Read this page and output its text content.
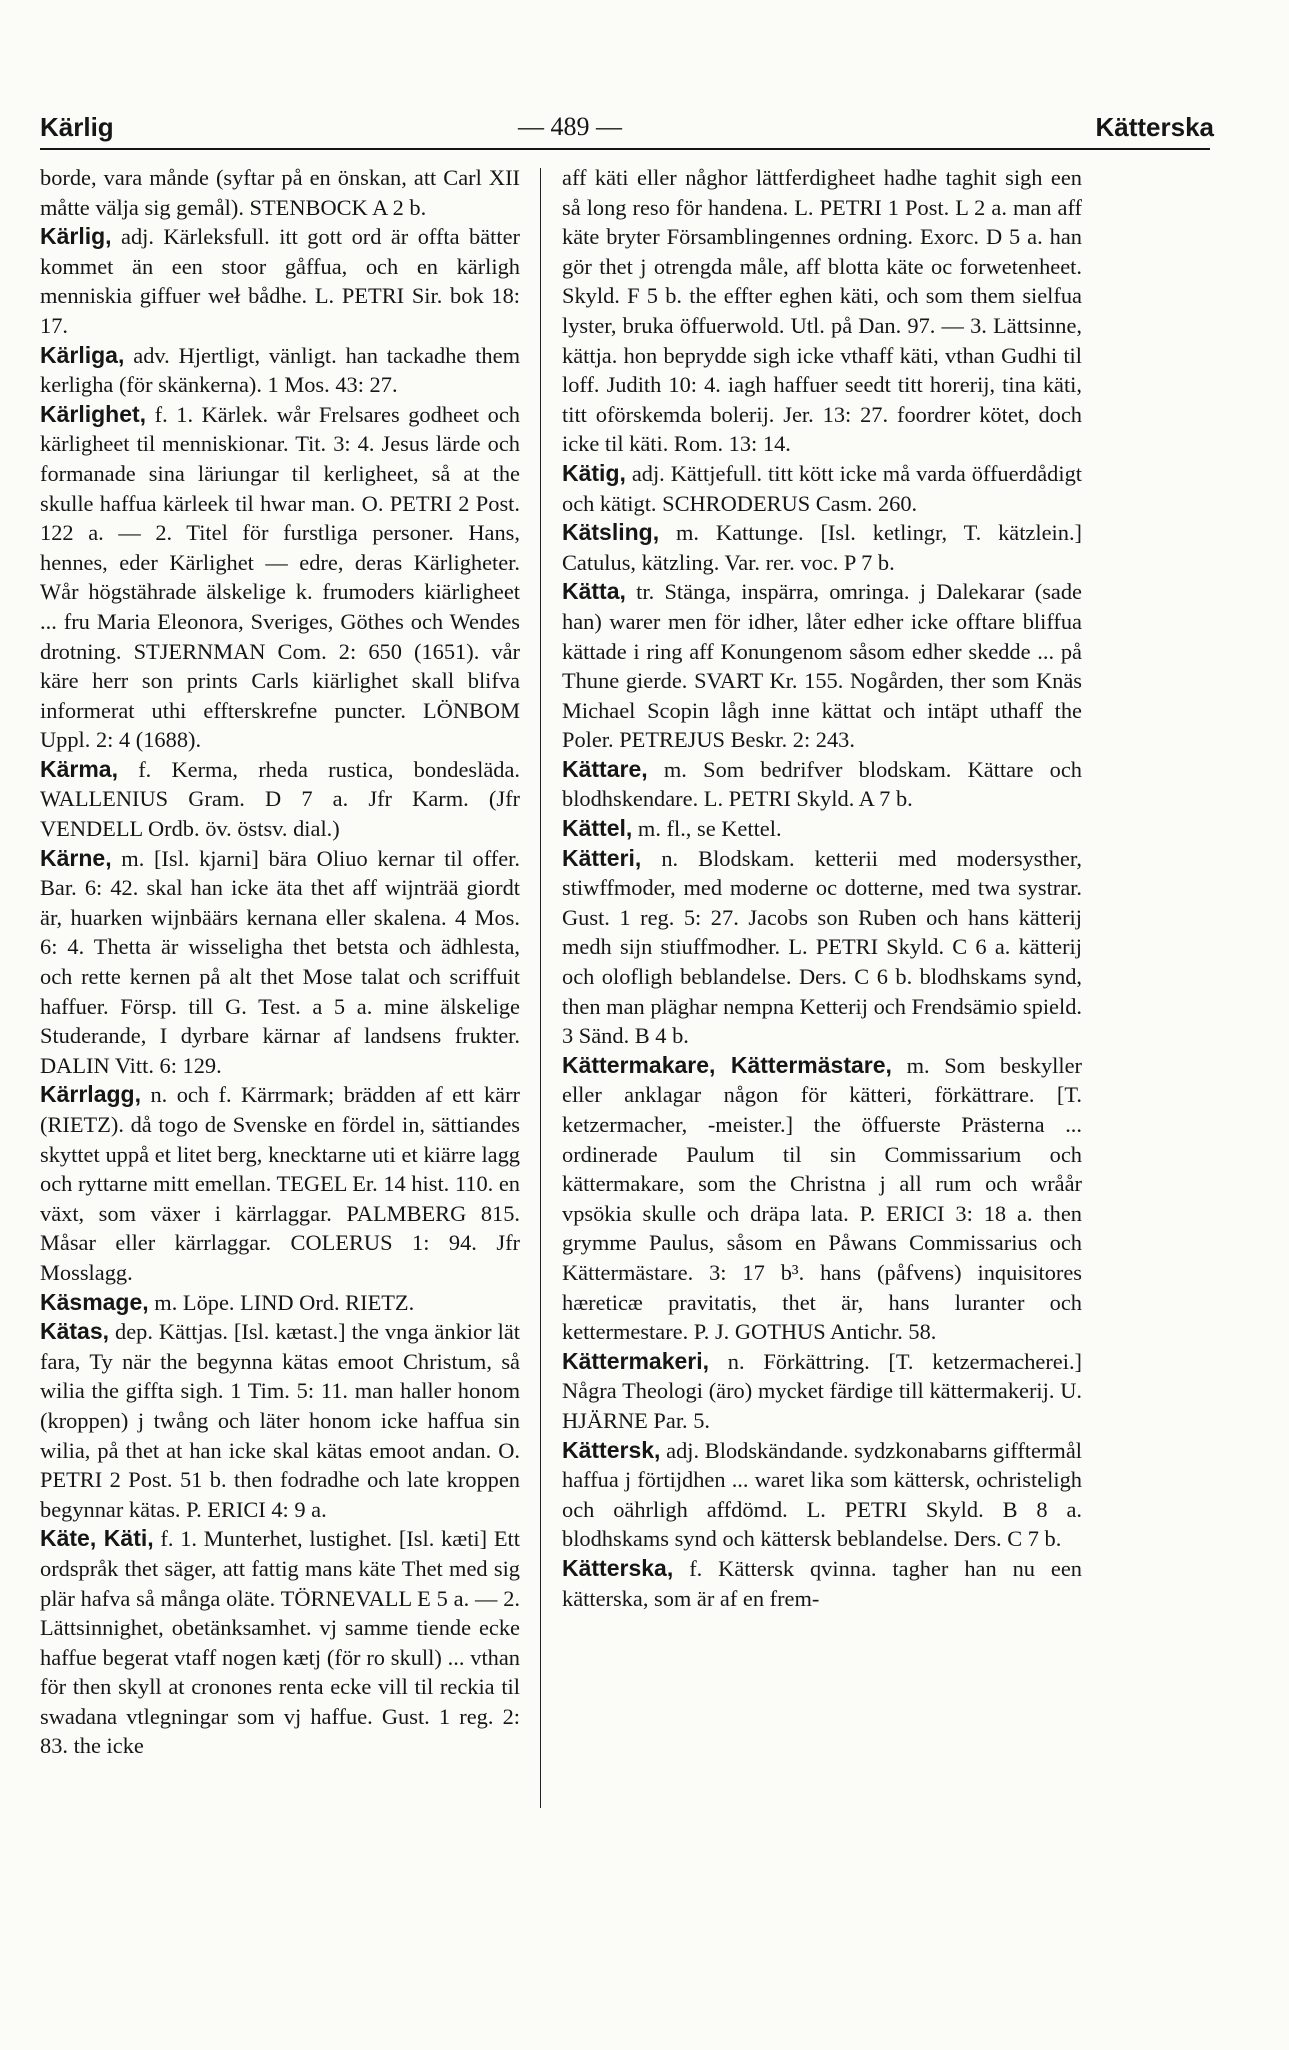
Kärlig	— 489 —	Kätterska

borde, vara månde (syftar på en önskan, att Carl XII måtte välja sig gemål). STENBOCK A 2 b.

Kärlig, adj. Kärleksfull. itt gott ord är offta bätter kommet än een stoor gåffua, och en kärligh menniskia giffuer weł bådhe. L. PETRI Sir. bok 18: 17.

Kärliga, adv. Hjertligt, vänligt. han tackadhe them kerligha (för skänkerna). 1 Mos. 43: 27.

Kärlighet, f. 1. Kärlek. wår Frelsares godheet och kärligheet til menniskionar. Tit. 3: 4. Jesus lärde och formanade sina läriungar til kerligheet, så at the skulle haffua kärleek til hwar man. O. PETRI 2 Post. 122 a. — 2. Titel för furstliga personer. Hans, hennes, eder Kärlighet — edre, deras Kärligheter. Wår högstährade älskelige k. frumoders kiärligheet ... fru Maria Eleonora, Sveriges, Göthes och Wendes drotning. STJERNMAN Com. 2: 650 (1651). vår käre herr son prints Carls kiärlighet skall blifva informerat uthi effterskrefne puncter. LÖNBOM Uppl. 2: 4 (1688).

Kärma, f. Kerma, rheda rustica, bondesläda. WALLENIUS Gram. D 7 a. Jfr Karm. (Jfr VENDELL Ordb. öv. östsv. dial.)

Kärne, m. [Isl. kjarni] bära Oliuo kernar til offer. Bar. 6: 42. skal han icke äta thet aff wijnträä giordt är, huarken wijnbäärs kernana eller skalena. 4 Mos. 6: 4. Thetta är wisseligha thet betsta och ädhlesta, och rette kernen på alt thet Mose talat och scriffuit haffuer. Försp. till G. Test. a 5 a. mine älskelige Studerande, I dyrbare kärnar af landsens frukter. DALIN Vitt. 6: 129.

Kärrlagg, n. och f. Kärrmark; brädden af ett kärr (RIETZ). då togo de Svenske en fördel in, sättiandes skyttet uppå et litet berg, knecktarne uti et kiärre lagg och ryttarne mitt emellan. TEGEL Er. 14 hist. 110. en växt, som växer i kärrlaggar. PALMBERG 815. Måsar eller kärrlaggar. COLERUS 1: 94. Jfr Mosslagg.

Käsmage, m. Löpe. LIND Ord. RIETZ.

Kätas, dep. Kättjas. [Isl. kætast.] the vnga änkior lät fara, Ty när the begynna kätas emoot Christum, så wilia the giffta sigh. 1 Tim. 5: 11. man haller honom (kroppen) j twång och läter honom icke haffua sin wilia, på thet at han icke skal kätas emoot andan. O. PETRI 2 Post. 51 b. then fodradhe och late kroppen begynnar kätas. P. ERICI 4: 9 a.

Käte, Käti, f. 1. Munterhet, lustighet. [Isl. kæti] Ett ordspråk thet säger, att fattig mans käte Thet med sig plär hafva så många oläte. TÖRNEVALL E 5 a. — 2. Lättsinnighet, obetänksamhet. vj samme tiende ecke haffue begerat vtaff nogen kætj (för ro skull) ... vthan för then skyll at cronones renta ecke vill til reckia til swadana vtlegningar som vj haffue. Gust. 1 reg. 2: 83. the icke

aff käti eller någhor lättferdigheet hadhe taghit sigh een så long reso för handena. L. PETRI 1 Post. L 2 a. man aff käte bryter Församblingennes ordning. Exorc. D 5 a. han gör thet j otrengda måle, aff blotta käte oc forwetenheet. Skyld. F 5 b. the effter eghen käti, och som them sielfua lyster, bruka öffuerwold. Utl. på Dan. 97. — 3. Lättsinne, kättja. hon beprydde sigh icke vthaff käti, vthan Gudhi til loff. Judith 10: 4. iagh haffuer seedt titt horerij, tina käti, titt oförskemda bolerij. Jer. 13: 27. foordrer kötet, doch icke til käti. Rom. 13: 14.

Kätig, adj. Kättjefull. titt kött icke må varda öffuerdådigt och kätigt. SCHRODERUS Casm. 260.

Kätsling, m. Kattunge. [Isl. ketlingr, T. kätzlein.] Catulus, kätzling. Var. rer. voc. P 7 b.

Kätta, tr. Stänga, inspärra, omringa. j Dalekarar (sade han) warer men för idher, låter edher icke offtare bliffua kättade i ring aff Konungenom såsom edher skedde ... på Thune gierde. SVART Kr. 155. Nogården, ther som Knäs Michael Scopin lågh inne kättat och intäpt uthaff the Poler. PETREJUS Beskr. 2: 243.

Kättare, m. Som bedrifver blodskam. Kättare och blodhskendare. L. PETRI Skyld. A 7 b.

Kättel, m. fl., se Kettel.

Kätteri, n. Blodskam. ketterii med modersysther, stiwffmoder, med moderne oc dotterne, med twa systrar. Gust. 1 reg. 5: 27. Jacobs son Ruben och hans kätterij medh sijn stiuffmodher. L. PETRI Skyld. C 6 a. kätterij och olofligh beblandelse. Ders. C 6 b. blodhskams synd, then man pläghar nempna Ketterij och Frendsämio spield. 3 Sänd. B 4 b.

Kättermakare, Kättermästare, m. Som beskyller eller anklagar någon för kätteri, förkättrare. [T. ketzermacher, -meister.] the öffuerste Prästerna ... ordinerade Paulum til sin Commissarium och kättermakare, som the Christna j all rum och wråår vpsökia skulle och dräpa lata. P. ERICI 3: 18 a. then grymme Paulus, såsom en Påwans Commissarius och Kättermästare. 3: 17 b³. hans (påfvens) inquisitores hæreticæ pravitatis, thet är, hans luranter och kettermestare. P. J. GOTHUS Antichr. 58.

Kättermakeri, n. Förkättring. [T. ketzermacherei.] Några Theologi (äro) mycket färdige till kättermakerij. U. HJÄRNE Par. 5.

Kättersk, adj. Blodskändande. sydzkonabarns gifftermål haffua j förtijdhen ... waret lika som kättersk, ochristeligh och oährligh affdömd. L. PETRI Skyld. B 8 a. blodhskams synd och kättersk beblandelse. Ders. C 7 b.

Kätterska, f. Kättersk qvinna. tagher han nu een kätterska, som är af en frem-
